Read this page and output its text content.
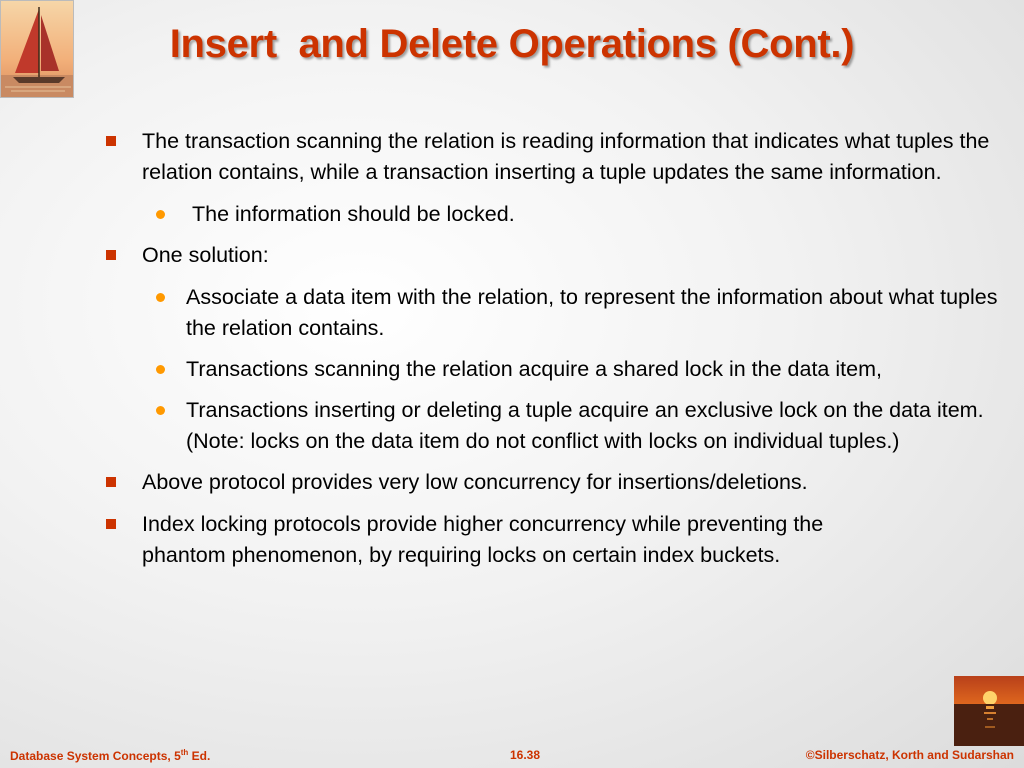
Insert  and Delete Operations (Cont.)
The transaction scanning the relation is reading information that indicates what tuples the relation contains, while a transaction inserting a tuple updates the same information.
The information should be locked.
One solution:
Associate a data item with the relation, to represent the information about what tuples the relation contains.
Transactions scanning the relation acquire a shared lock in the data item,
Transactions inserting or deleting a tuple acquire an exclusive lock on the data item. (Note: locks on the data item do not conflict with locks on individual tuples.)
Above protocol provides very low concurrency for insertions/deletions.
Index locking protocols provide higher concurrency while preventing the phantom phenomenon, by requiring locks on certain index buckets.
Database System Concepts, 5th Ed.	16.38	©Silberschatz, Korth and Sudarshan
